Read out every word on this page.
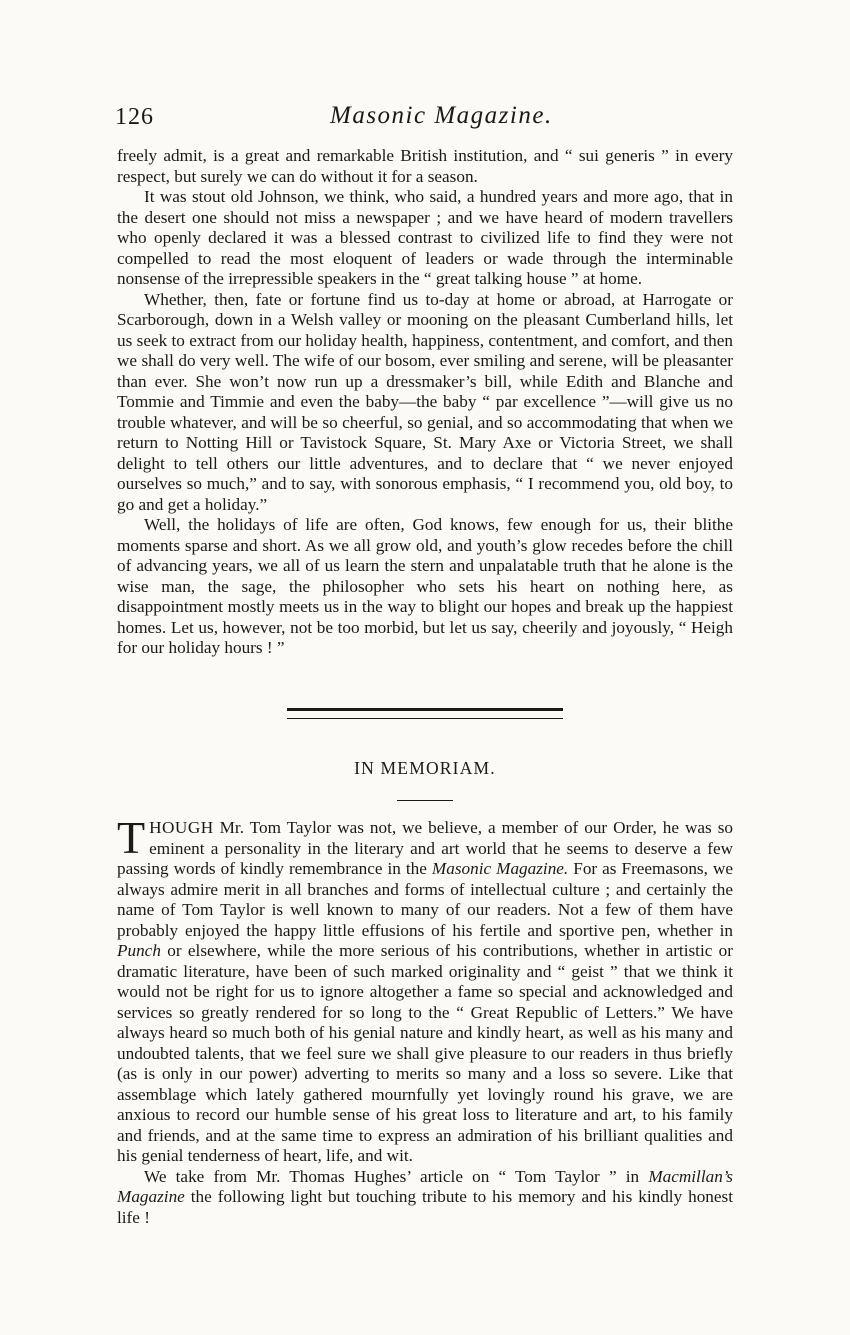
126	Masonic Magazine.

freely admit, is a great and remarkable British institution, and “ sui generis ” in every respect, but surely we can do without it for a season.

It was stout old Johnson, we think, who said, a hundred years and more ago, that in the desert one should not miss a newspaper ; and we have heard of modern travellers who openly declared it was a blessed contrast to civilized life to find they were not compelled to read the most eloquent of leaders or wade through the interminable nonsense of the irrepressible speakers in the “ great talking house ” at home.

Whether, then, fate or fortune find us to-day at home or abroad, at Harrogate or Scarborough, down in a Welsh valley or mooning on the pleasant Cumberland hills, let us seek to extract from our holiday health, happiness, contentment, and comfort, and then we shall do very well. The wife of our bosom, ever smiling and serene, will be pleasanter than ever. She won’t now run up a dressmaker’s bill, while Edith and Blanche and Tommie and Timmie and even the baby—the baby “ par excellence ”—will give us no trouble whatever, and will be so cheerful, so genial, and so accommodating that when we return to Notting Hill or Tavistock Square, St. Mary Axe or Victoria Street, we shall delight to tell others our little adventures, and to declare that “ we never enjoyed ourselves so much,” and to say, with sonorous emphasis, “ I recommend you, old boy, to go and get a holiday.”

Well, the holidays of life are often, God knows, few enough for us, their blithe moments sparse and short. As we all grow old, and youth’s glow recedes before the chill of advancing years, we all of us learn the stern and unpalatable truth that he alone is the wise man, the sage, the philosopher who sets his heart on nothing here, as disappointment mostly meets us in the way to blight our hopes and break up the happiest homes. Let us, however, not be too morbid, but let us say, cheerily and joyously, “ Heigh for our holiday hours ! ”

IN MEMORIAM.

THOUGH Mr. Tom Taylor was not, we believe, a member of our Order, he was so eminent a personality in the literary and art world that he seems to deserve a few passing words of kindly remembrance in the Masonic Magazine. For as Freemasons, we always admire merit in all branches and forms of intellectual culture ; and certainly the name of Tom Taylor is well known to many of our readers. Not a few of them have probably enjoyed the happy little effusions of his fertile and sportive pen, whether in Punch or elsewhere, while the more serious of his contributions, whether in artistic or dramatic literature, have been of such marked originality and “ geist ” that we think it would not be right for us to ignore altogether a fame so special and acknowledged and services so greatly rendered for so long to the “ Great Republic of Letters.” We have always heard so much both of his genial nature and kindly heart, as well as his many and undoubted talents, that we feel sure we shall give pleasure to our readers in thus briefly (as is only in our power) adverting to merits so many and a loss so severe. Like that assemblage which lately gathered mournfully yet lovingly round his grave, we are anxious to record our humble sense of his great loss to literature and art, to his family and friends, and at the same time to express an admiration of his brilliant qualities and his genial tenderness of heart, life, and wit.

We take from Mr. Thomas Hughes’ article on “ Tom Taylor ” in Macmillan’s Magazine the following light but touching tribute to his memory and his kindly honest life !
